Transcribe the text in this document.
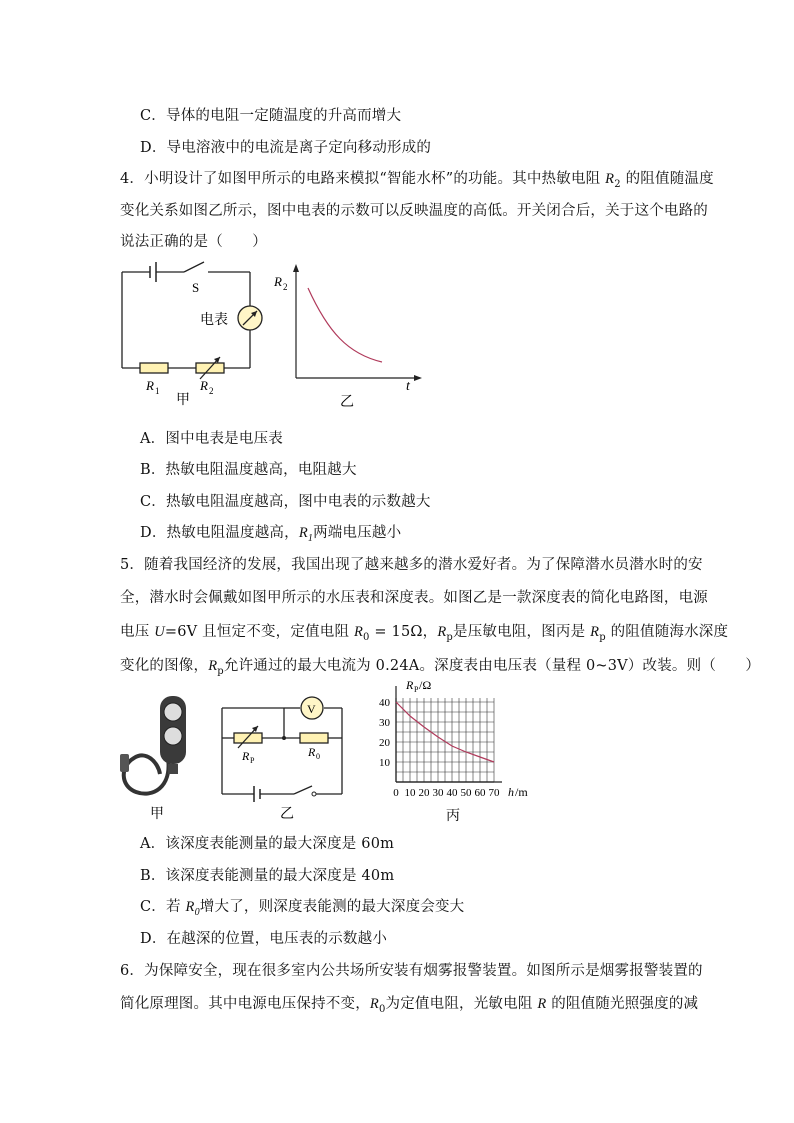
C．导体的电阻一定随温度的升高而增大
D．导电溶液中的电流是离子定向移动形成的
4．小明设计了如图甲所示的电路来模拟“智能水杯”的功能。其中热敏电阻 $R_2$ 的阻值随温度
变化关系如图乙所示，图中电表的示数可以反映温度的高低。开关闭合后，关于这个电路的
说法正确的是（　　）
S
电表
R 1	R 2
甲
R 2
t
乙
A．图中电表是电压表
B．热敏电阻温度越高，电阻越大
C．热敏电阻温度越高，图中电表的示数越大
D．热敏电阻温度越高，$R_1$两端电压越小
5．随着我国经济的发展，我国出现了越来越多的潜水爱好者。为了保障潜水员潜水时的安
全，潜水时会佩戴如图甲所示的水压表和深度表。如图乙是一款深度表的简化电路图，电源
电压 U=6V 且恒定不变，定值电阻 $R_0 = 15\Omega$，$R_p$是压敏电阻，图丙是 $R_p$ 的阻值随海水深度
变化的图像，$R_p$允许通过的最大电流为 0.24A。深度表由电压表（量程 0~3V）改装。则（　　）
甲
V
R P
R 0
乙
R P /Ω
40
30
20
10
0 10 20 30 40 50 60 70 h /m
丙
A．该深度表能测量的最大深度是 60m
B．该深度表能测量的最大深度是 40m
C．若 $R_0$增大了，则深度表能测的最大深度会变大
D．在越深的位置，电压表的示数越小
6．为保障安全，现在很多室内公共场所安装有烟雾报警装置。如图所示是烟雾报警装置的
简化原理图。其中电源电压保持不变，$R_0$为定值电阻，光敏电阻 R 的阻值随光照强度的减
